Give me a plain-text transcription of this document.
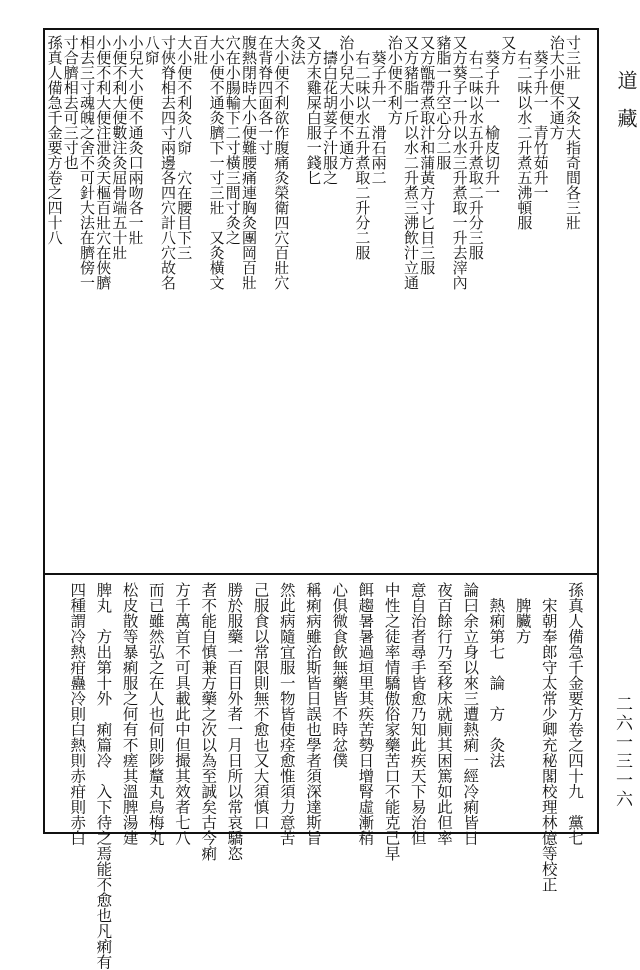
道藏
二六一三一六
寸三壯　又灸大指奇間各三壯
治大小便不通方
　葵子升一　青竹茹升一
　右二味以水二升煮五沸頓服
又方
　葵子升一　榆皮切升一
　右二味以水五升煮取二升分三服
又方葵子一升以水三升煮取一升去滓內
豬脂一升空心分二服
又方甑帶煮取汁和蒲黃方寸匕日三服
又方豬脂一斤以水二升煮三沸飲汁立通
治小便不利方
　葵子升一　滑石兩二
　右二味以水五升煮取二升分二服
治小兒大小便不通方
　擣白花胡荽子汁服之
又方末雞屎白服一錢匕
灸法
大小便不利欲作腹痛灸榮衛四穴百壯穴
在背脊四面各一寸
腹熱閉時大小便難腰痛連胸灸團岡百壯
穴在小腸輸下二寸橫三間寸灸之
大小便不通灸臍下一寸三壯　又灸橫文
百壯
大小便不利灸八窌　穴在腰目下三
寸俠脊相去四寸兩邊各四穴計八穴故名
八窌
小兒大小便不通灸口兩吻各一壯
小便不利大便數注灸屈骨端五十壯
小便不利大便注泄灸天樞百壯穴在俠臍
相去三寸魂魄之舍不可針大法在臍傍一
寸合臍相去可三寸也
孫真人備急千金要方卷之四十八
孫真人備急千金要方卷之四十九　黨七
　宋朝奉郎守太常少卿充秘閣校理林億等校正
　脾臟方
　熱痢第七　論　方　灸法
論曰余立身以來三遭熱痢一經冷痢皆日
夜百餘行乃至移床就廁其困篤如此但率
意自治者尋手皆愈乃知此疾天下易治但
中性之徒率情驕傲俗家藥苦口不能克己早
餌趨暑暑過垣里其疾苦勢日增腎虛漸稍
心俱微食飲無藥皆不時忿僕
稱痢病雖治斯皆日誤也學者須深達斯旨
然此病隨宜服一物皆使痊愈惟須力意苦
己服食以常限則無不愈也又大須慎口
勝於服藥一百日外者一月日所以常哀驕恣
者不能自慎兼方藥之次以為至誠矣古今痢
方千萬首不可具載此中但撮其效者七八
而已雖然弘之在人也何則陟釐丸鳥梅丸
松皮散等暴痢服之何有不瘥其溫脾湯建
脾丸　方出第十外　痢篇冷　入下待之焉能不愈也凡痢有
四種謂冷熱疳蠱冷則白熱則赤疳則赤白
